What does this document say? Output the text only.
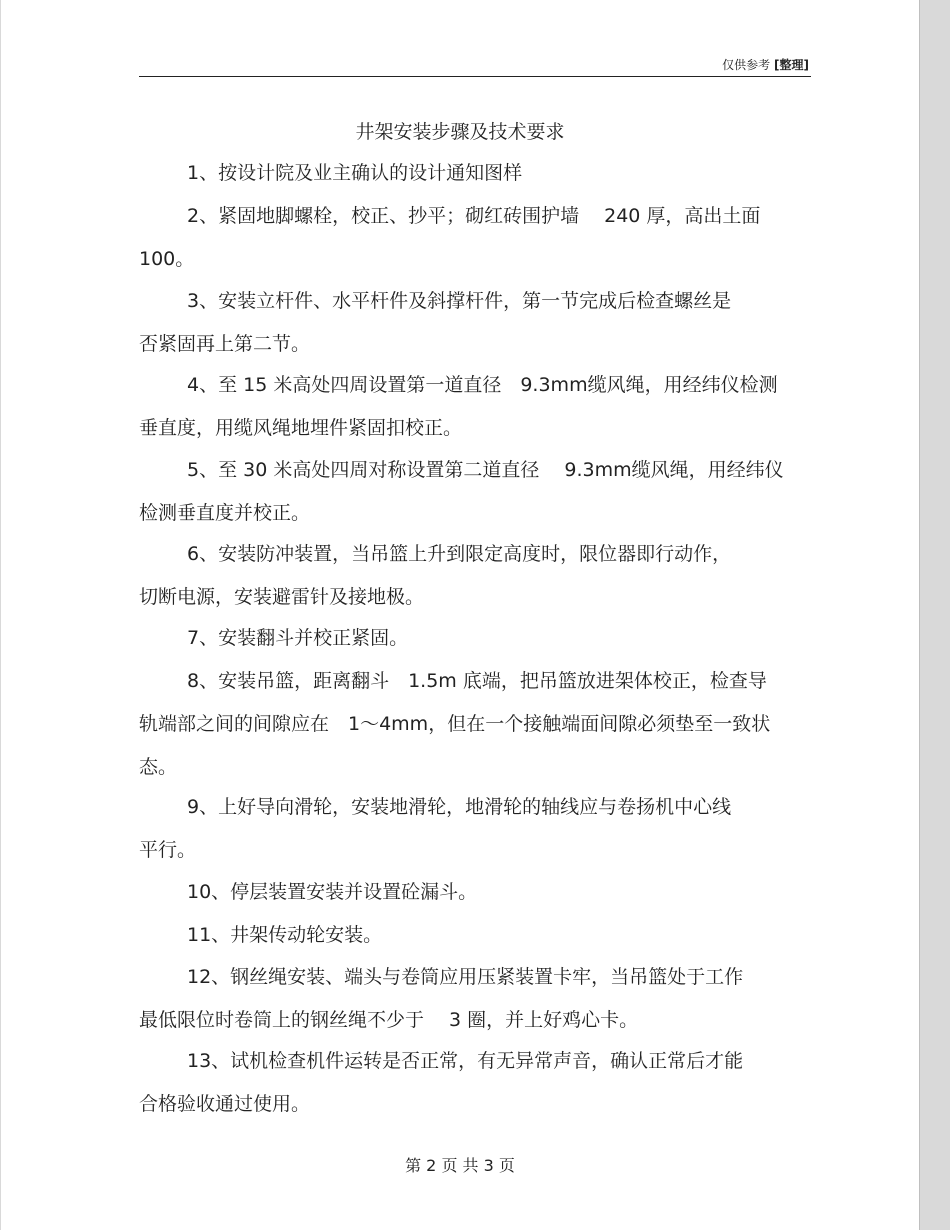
仅供参考 [整理]
井架安装步骤及技术要求
1、按设计院及业主确认的设计通知图样
2、紧固地脚螺栓，校正、抄平；砌红砖围护墙　 240 厚，高出土面
100。
3、安装立杆件、水平杆件及斜撑杆件，第一节完成后检查螺丝是
否紧固再上第二节。
4、至 15 米高处四周设置第一道直径　9.3mm缆风绳，用经纬仪检测
垂直度，用缆风绳地埋件紧固扣校正。
5、至 30 米高处四周对称设置第二道直径　 9.3mm缆风绳，用经纬仪
检测垂直度并校正。
6、安装防冲装置，当吊篮上升到限定高度时，限位器即行动作，
切断电源，安装避雷针及接地极。
7、安装翻斗并校正紧固。
8、安装吊篮，距离翻斗　1.5m 底端，把吊篮放进架体校正，检查导
轨端部之间的间隙应在　1～4mm，但在一个接触端面间隙必须垫至一致状
态。
9、上好导向滑轮，安装地滑轮，地滑轮的轴线应与卷扬机中心线
平行。
10、停层装置安装并设置砼漏斗。
11、井架传动轮安装。
12、钢丝绳安装、端头与卷筒应用压紧装置卡牢，当吊篮处于工作
最低限位时卷筒上的钢丝绳不少于　 3 圈，并上好鸡心卡。
13、试机检查机件运转是否正常，有无异常声音，确认正常后才能
合格验收通过使用。
第 2 页 共 3 页
